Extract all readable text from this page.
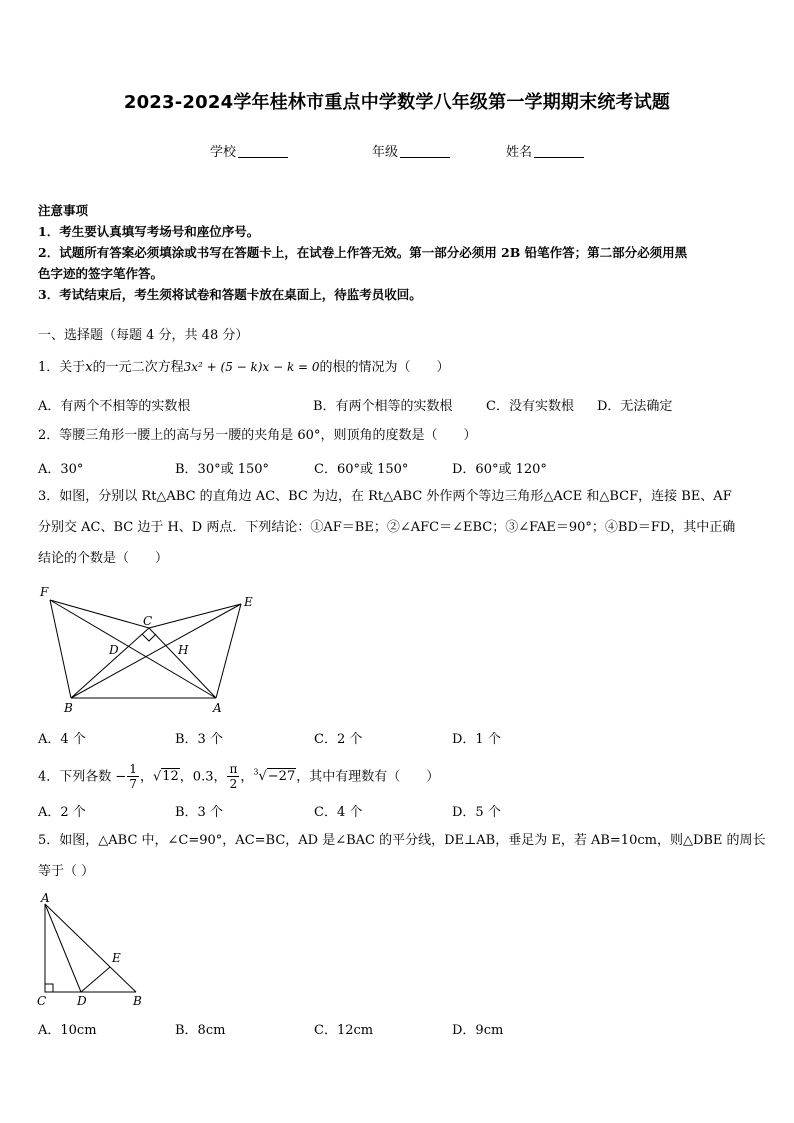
2023-2024学年桂林市重点中学数学八年级第一学期期末统考试题
学校	年级	姓名
注意事项
1．考生要认真填写考场号和座位序号。
2．试题所有答案必须填涂或书写在答题卡上，在试卷上作答无效。第一部分必须用 2B 铅笔作答；第二部分必须用黑
色字迹的签字笔作答。
3．考试结束后，考生须将试卷和答题卡放在桌面上，待监考员收回。
一、选择题（每题 4 分，共 48 分）
1．关于x的一元二次方程3x² + (5 − k)x − k = 0的根的情况为（　　）
A．有两个不相等的实数根	B．有两个相等的实数根	C．没有实数根 D．无法确定
2．等腰三角形一腰上的高与另一腰的夹角是 60°，则顶角的度数是（　　）
A．30°	B．30°或 150°	C．60°或 150°	D．60°或 120°
3．如图，分别以 Rt△ABC 的直角边 AC、BC 为边，在 Rt△ABC 外作两个等边三角形△ACE 和△BCF，连接 BE、AF
分别交 AC、BC 边于 H、D 两点．下列结论：①AF＝BE；②∠AFC＝∠EBC；③∠FAE＝90°；④BD＝FD，其中正确
结论的个数是（　　）
F
E
C
D	H
B	A
A．4 个	B．3 个	C．2 个	D．1 个
4．下列各数 − $\frac{1}{7}$ ，√12，0.3， $\frac{\pi}{2}$ ，$^3$√−27，其中有理数有（　　）
A．2 个	B．3 个	C．4 个	D．5 个
5．如图，△ABC 中，∠C=90°，AC=BC，AD 是∠BAC 的平分线，DE⊥AB，垂足为 E，若 AB=10cm，则△DBE 的周长
等于（ ）
A
E
C	D	B
A．10cm	B．8cm	C．12cm	D．9cm
